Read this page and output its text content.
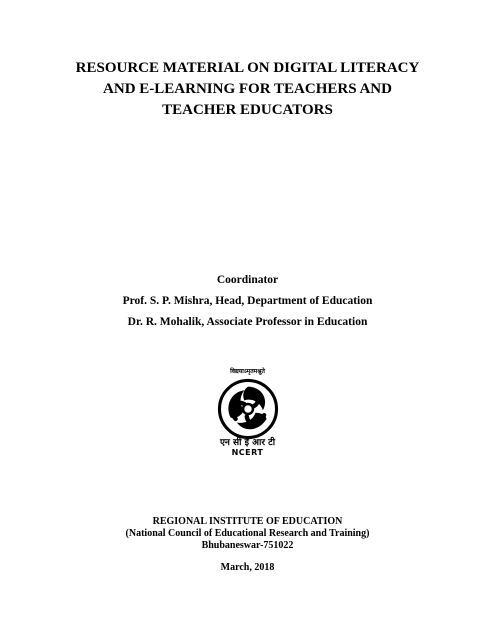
RESOURCE MATERIAL ON DIGITAL LITERACY
AND E-LEARNING FOR TEACHERS AND
TEACHER EDUCATORS
Coordinator
Prof. S. P. Mishra, Head, Department of Education
Dr. R. Mohalik, Associate Professor in Education
विद्ययाऽमृतमश्नुते
एन सी ई आर टी
NCERT
REGIONAL INSTITUTE OF EDUCATION
(National Council of Educational Research and Training)
Bhubaneswar-751022
March, 2018
